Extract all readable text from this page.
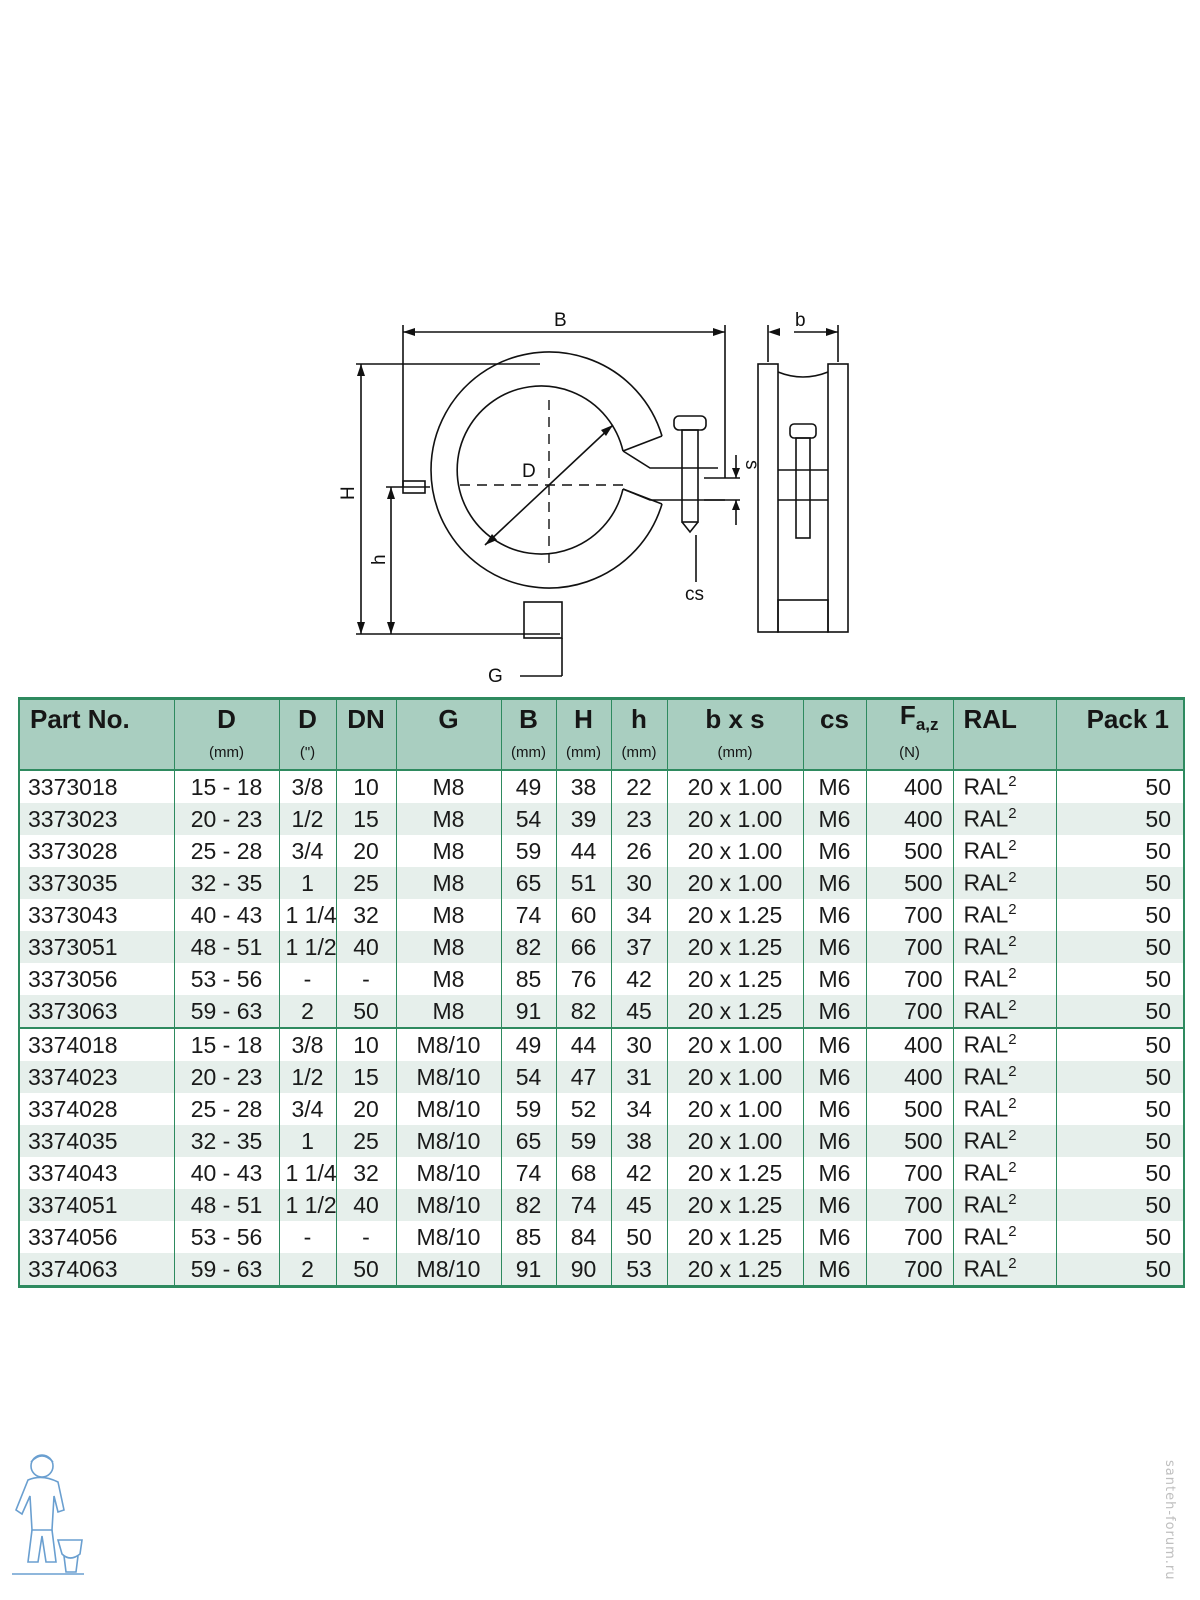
B	b
H
h
D	s
cs
G
Part No.	D	D	DN	G	B	H	h	b x s	cs	$F_{a,z}$	RAL	Pack 1
	(mm)	(")			(mm)	(mm)	(mm)	(mm)		(N)		
3373018	15 - 18	3/8	10	M8	49	38	22	20 x 1.00	M6	400	RAL$^2$	50
3373023	20 - 23	1/2	15	M8	54	39	23	20 x 1.00	M6	400	RAL$^2$	50
3373028	25 - 28	3/4	20	M8	59	44	26	20 x 1.00	M6	500	RAL$^2$	50
3373035	32 - 35	1	25	M8	65	51	30	20 x 1.00	M6	500	RAL$^2$	50
3373043	40 - 43	1 1/4	32	M8	74	60	34	20 x 1.25	M6	700	RAL$^2$	50
3373051	48 - 51	1 1/2	40	M8	82	66	37	20 x 1.25	M6	700	RAL$^2$	50
3373056	53 - 56	-	-	M8	85	76	42	20 x 1.25	M6	700	RAL$^2$	50
3373063	59 - 63	2	50	M8	91	82	45	20 x 1.25	M6	700	RAL$^2$	50
3374018	15 - 18	3/8	10	M8/10	49	44	30	20 x 1.00	M6	400	RAL$^2$	50
3374023	20 - 23	1/2	15	M8/10	54	47	31	20 x 1.00	M6	400	RAL$^2$	50
3374028	25 - 28	3/4	20	M8/10	59	52	34	20 x 1.00	M6	500	RAL$^2$	50
3374035	32 - 35	1	25	M8/10	65	59	38	20 x 1.00	M6	500	RAL$^2$	50
3374043	40 - 43	1 1/4	32	M8/10	74	68	42	20 x 1.25	M6	700	RAL$^2$	50
3374051	48 - 51	1 1/2	40	M8/10	82	74	45	20 x 1.25	M6	700	RAL$^2$	50
3374056	53 - 56	-	-	M8/10	85	84	50	20 x 1.25	M6	700	RAL$^2$	50
3374063	59 - 63	2	50	M8/10	91	90	53	20 x 1.25	M6	700	RAL$^2$	50
santeh-forum.ru
